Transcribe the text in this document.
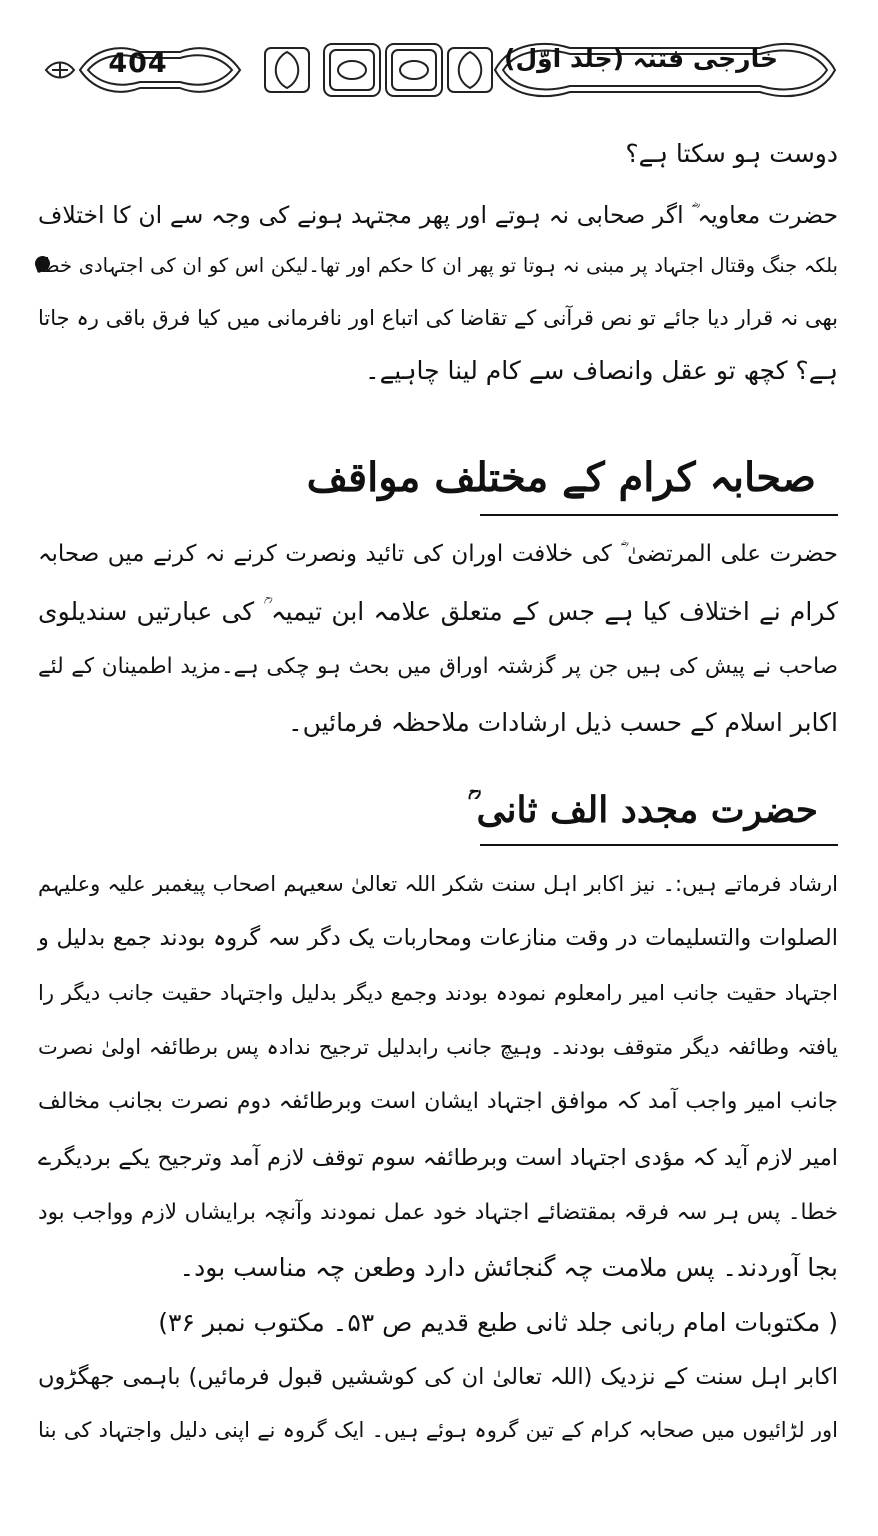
404	خارجی فتنہ (جلد اوّل)
دوست ہو سکتا ہے؟
حضرت معاویہ ؓ اگر صحابی نہ ہوتے اور پھر مجتہد ہونے کی وجہ سے ان کا اختلاف
بلکہ جنگ وقتال اجتہاد پر مبنی نہ ہوتا تو پھر ان کا حکم اور تھا۔لیکن اس کو ان کی اجتہادی خطا
بھی نہ قرار دیا جائے تو نص قرآنی کے تقاضا کی اتباع اور نافرمانی میں کیا فرق باقی رہ جاتا
ہے؟ کچھ تو عقل وانصاف سے کام لینا چاہیے۔
صحابہ کرام کے مختلف مواقف
حضرت علی المرتضیٰ ؓ کی خلافت اوران کی تائید ونصرت کرنے نہ کرنے میں صحابہ
کرام نے اختلاف کیا ہے جس کے متعلق علامہ ابن تیمیہ ؒ کی عبارتیں سندیلوی
صاحب نے پیش کی ہیں جن پر گزشتہ اوراق میں بحث ہو چکی ہے۔مزید اطمینان کے لئے
اکابر اسلام کے حسب ذیل ارشادات ملاحظہ فرمائیں۔
حضرت مجدد الف ثانی ؒ
ارشاد فرماتے ہیں:۔ نیز اکابر اہل سنت شکر اللہ تعالیٰ سعیہم اصحاب پیغمبر علیہ وعلیہم
الصلوات والتسلیمات در وقت منازعات ومحاربات یک دگر سہ گروہ بودند جمع بدلیل و
اجتہاد حقیت جانب امیر رامعلوم نمودہ بودند وجمع دیگر بدلیل واجتہاد حقیت جانب دیگر را
یافتہ وطائفہ دیگر متوقف بودند۔ وہیچ جانب رابدلیل ترجیح ندادہ پس برطائفہ اولیٰ نصرت
جانب امیر واجب آمد کہ موافق اجتہاد ایشان است وبرطائفہ دوم نصرت بجانب مخالف
امیر لازم آید کہ مؤدی اجتہاد است وبرطائفہ سوم توقف لازم آمد وترجیح یکے بردیگرے
خطا۔ پس ہر سہ فرقہ بمقتضائے اجتہاد خود عمل نمودند وآنچہ برایشاں لازم وواجب بود
بجا آوردند۔ پس ملامت چہ گنجائش دارد وطعن چہ مناسب بود۔
( مکتوبات امام ربانی جلد ثانی طبع قدیم ص ۵۳۔ مکتوب نمبر ۳۶)
اکابر اہل سنت کے نزدیک (اللہ تعالیٰ ان کی کوششیں قبول فرمائیں) باہمی جھگڑوں
اور لڑائیوں میں صحابہ کرام کے تین گروہ ہوئے ہیں۔ ایک گروہ نے اپنی دلیل واجتہاد کی بنا
